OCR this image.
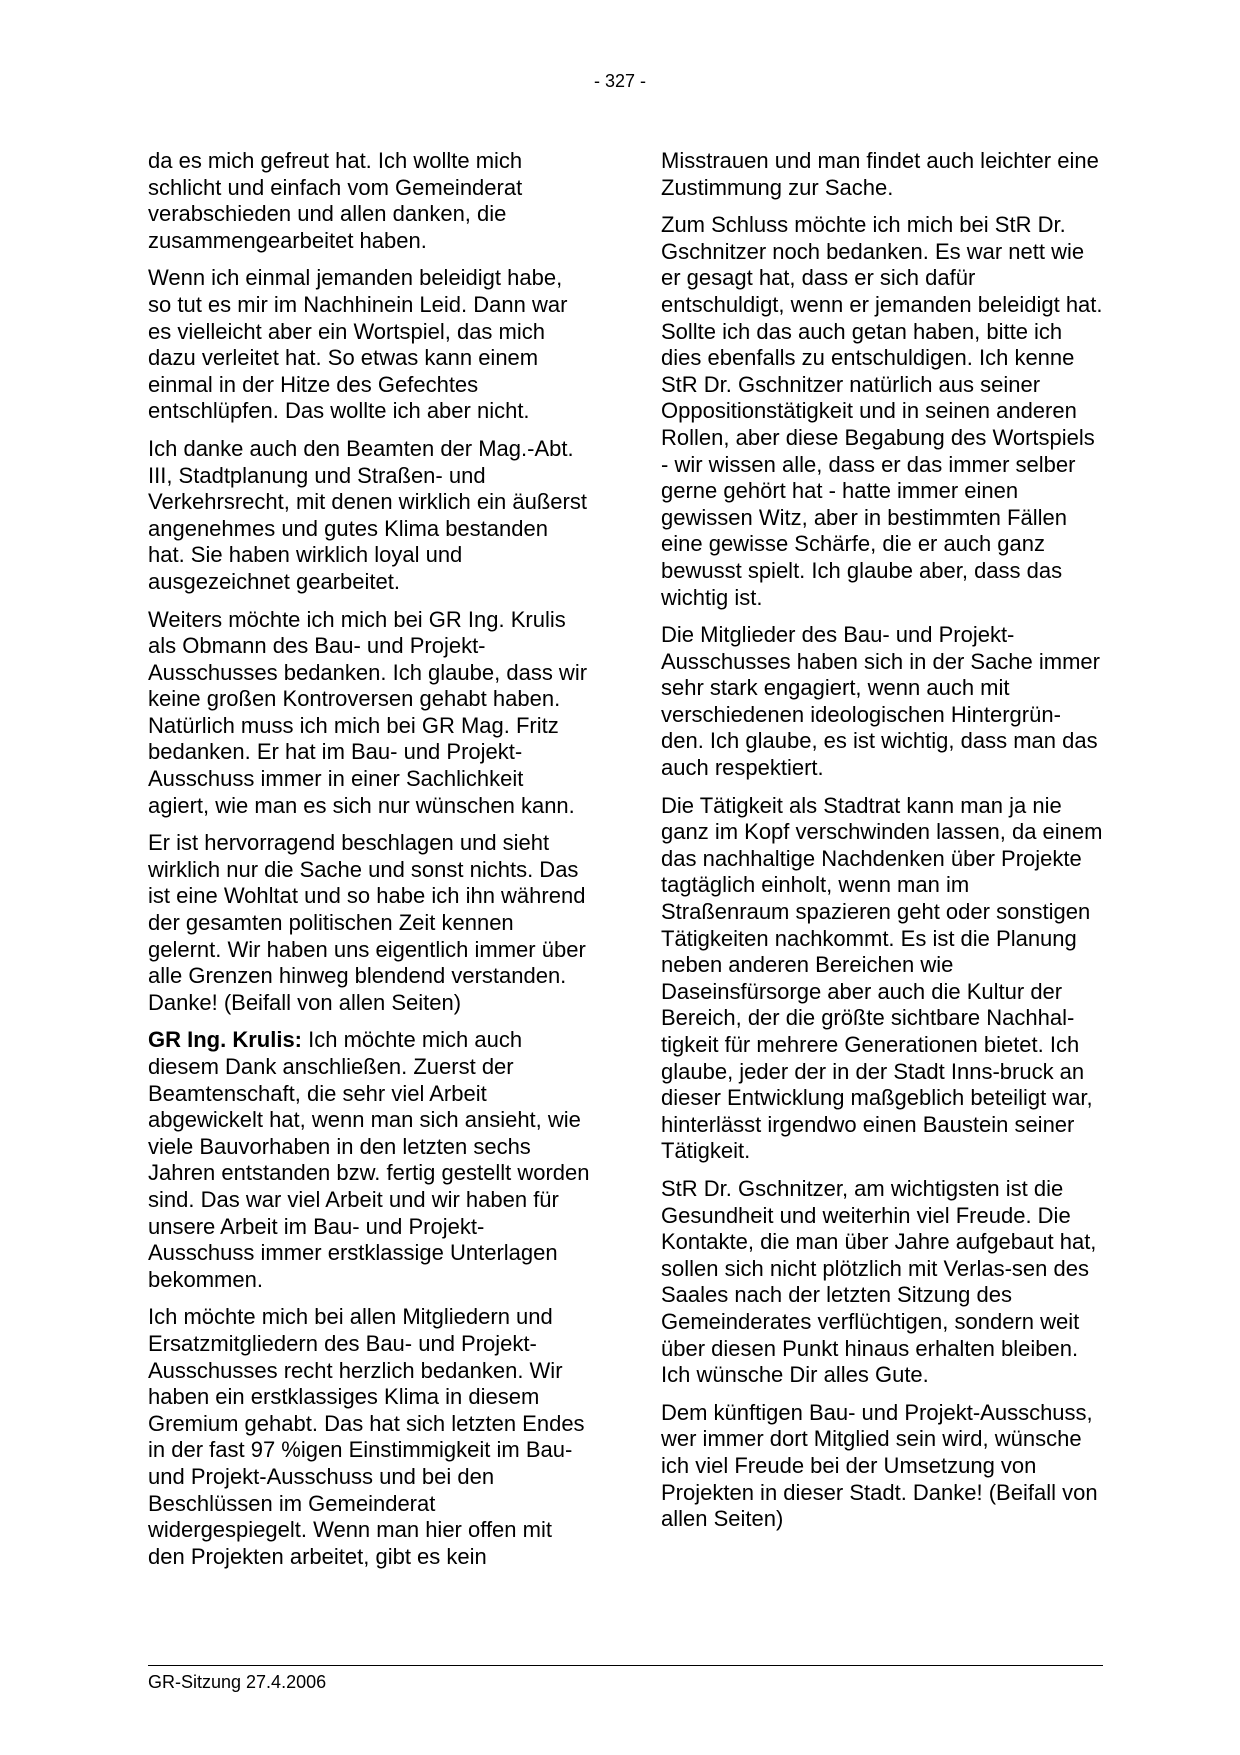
- 327 -

da es mich gefreut hat. Ich wollte mich schlicht und einfach vom Gemeinderat verabschieden und allen danken, die zusammengearbeitet haben.

Wenn ich einmal jemanden beleidigt habe, so tut es mir im Nachhinein Leid. Dann war es vielleicht aber ein Wortspiel, das mich dazu verleitet hat. So etwas kann einem einmal in der Hitze des Gefechtes entschlüpfen. Das wollte ich aber nicht.

Ich danke auch den Beamten der Mag.-Abt. III, Stadtplanung und Straßen- und Verkehrsrecht, mit denen wirklich ein äußerst angenehmes und gutes Klima bestanden hat. Sie haben wirklich loyal und ausgezeichnet gearbeitet.

Weiters möchte ich mich bei GR Ing. Krulis als Obmann des Bau- und Projekt-Ausschusses bedanken. Ich glaube, dass wir keine großen Kontroversen gehabt haben. Natürlich muss ich mich bei GR Mag. Fritz bedanken. Er hat im Bau- und Projekt-Ausschuss immer in einer Sachlichkeit agiert, wie man es sich nur wünschen kann.

Er ist hervorragend beschlagen und sieht wirklich nur die Sache und sonst nichts. Das ist eine Wohltat und so habe ich ihn während der gesamten politischen Zeit kennen gelernt. Wir haben uns eigentlich immer über alle Grenzen hinweg blendend verstanden. Danke! (Beifall von allen Seiten)

GR Ing. Krulis: Ich möchte mich auch diesem Dank anschließen. Zuerst der Beamtenschaft, die sehr viel Arbeit abgewickelt hat, wenn man sich ansieht, wie viele Bauvorhaben in den letzten sechs Jahren entstanden bzw. fertig gestellt worden sind. Das war viel Arbeit und wir haben für unsere Arbeit im Bau- und Projekt-Ausschuss immer erstklassige Unterlagen bekommen.

Ich möchte mich bei allen Mitgliedern und Ersatzmitgliedern des Bau- und Projekt-Ausschusses recht herzlich bedanken. Wir haben ein erstklassiges Klima in diesem Gremium gehabt. Das hat sich letzten Endes in der fast 97 %igen Einstimmigkeit im Bau- und Projekt-Ausschuss und bei den Beschlüssen im Gemeinderat widergespiegelt. Wenn man hier offen mit den Projekten arbeitet, gibt es kein

Misstrauen und man findet auch leichter eine Zustimmung zur Sache.

Zum Schluss möchte ich mich bei StR Dr. Gschnitzer noch bedanken. Es war nett wie er gesagt hat, dass er sich dafür entschuldigt, wenn er jemanden beleidigt hat. Sollte ich das auch getan haben, bitte ich dies ebenfalls zu entschuldigen. Ich kenne StR Dr. Gschnitzer natürlich aus seiner Oppositionstätigkeit und in seinen anderen Rollen, aber diese Begabung des Wortspiels - wir wissen alle, dass er das immer selber gerne gehört hat - hatte immer einen gewissen Witz, aber in bestimmten Fällen eine gewisse Schärfe, die er auch ganz bewusst spielt. Ich glaube aber, dass das wichtig ist.

Die Mitglieder des Bau- und Projekt-Ausschusses haben sich in der Sache immer sehr stark engagiert, wenn auch mit verschiedenen ideologischen Hintergrün-den. Ich glaube, es ist wichtig, dass man das auch respektiert.

Die Tätigkeit als Stadtrat kann man ja nie ganz im Kopf verschwinden lassen, da einem das nachhaltige Nachdenken über Projekte tagtäglich einholt, wenn man im Straßenraum spazieren geht oder sonstigen Tätigkeiten nachkommt. Es ist die Planung neben anderen Bereichen wie Daseinsfürsorge aber auch die Kultur der Bereich, der die größte sichtbare Nachhal-tigkeit für mehrere Generationen bietet. Ich glaube, jeder der in der Stadt Inns-bruck an dieser Entwicklung maßgeblich beteiligt war, hinterlässt irgendwo einen Baustein seiner Tätigkeit.

StR Dr. Gschnitzer, am wichtigsten ist die Gesundheit und weiterhin viel Freude. Die Kontakte, die man über Jahre aufgebaut hat, sollen sich nicht plötzlich mit Verlas-sen des Saales nach der letzten Sitzung des Gemeinderates verflüchtigen, sondern weit über diesen Punkt hinaus erhalten bleiben. Ich wünsche Dir alles Gute.

Dem künftigen Bau- und Projekt-Ausschuss, wer immer dort Mitglied sein wird, wünsche ich viel Freude bei der Umsetzung von Projekten in dieser Stadt. Danke! (Beifall von allen Seiten)

GR-Sitzung 27.4.2006
